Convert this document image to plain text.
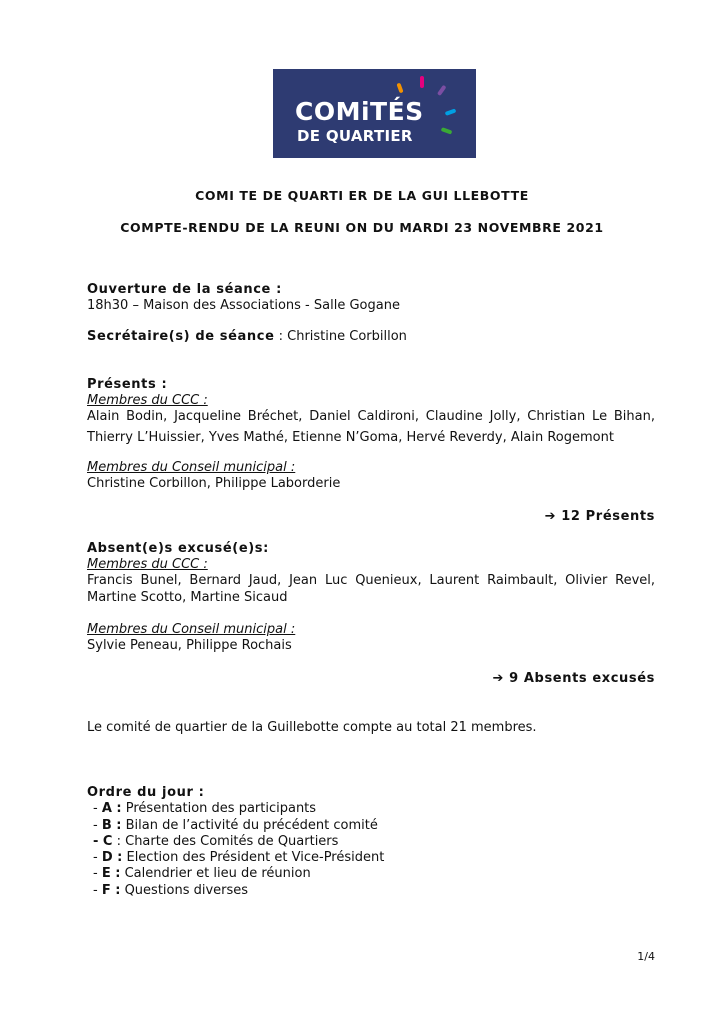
COMiTÉS
DE QUARTIER
COMI TE DE QUARTI ER DE LA GUI LLEBOTTE
COMPTE-RENDU DE LA REUNI ON DU MARDI 23 NOVEMBRE 2021
Ouverture de la séance :
18h30 – Maison des Associations - Salle Gogane
Secrétaire(s) de séance : Christine Corbillon
Présents :
Membres du CCC :
Alain Bodin, Jacqueline Bréchet, Daniel Caldironi, Claudine Jolly, Christian Le Bihan,
Thierry L’Huissier, Yves Mathé, Etienne N’Goma, Hervé Reverdy, Alain Rogemont
Membres du Conseil municipal :
Christine Corbillon, Philippe Laborderie
➔ 12 Présents
Absent(e)s excusé(e)s:
Membres du CCC :
Francis Bunel, Bernard Jaud, Jean Luc Quenieux, Laurent Raimbault, Olivier Revel,
Martine Scotto, Martine Sicaud
Membres du Conseil municipal :
Sylvie Peneau, Philippe Rochais
➔ 9 Absents excusés
Le comité de quartier de la Guillebotte compte au total 21 membres.
Ordre du jour :
- A : Présentation des participants
- B : Bilan de l’activité du précédent comité
- C : Charte des Comités de Quartiers
- D : Election des Président et Vice-Président
- E : Calendrier et lieu de réunion
- F : Questions diverses
1/4
